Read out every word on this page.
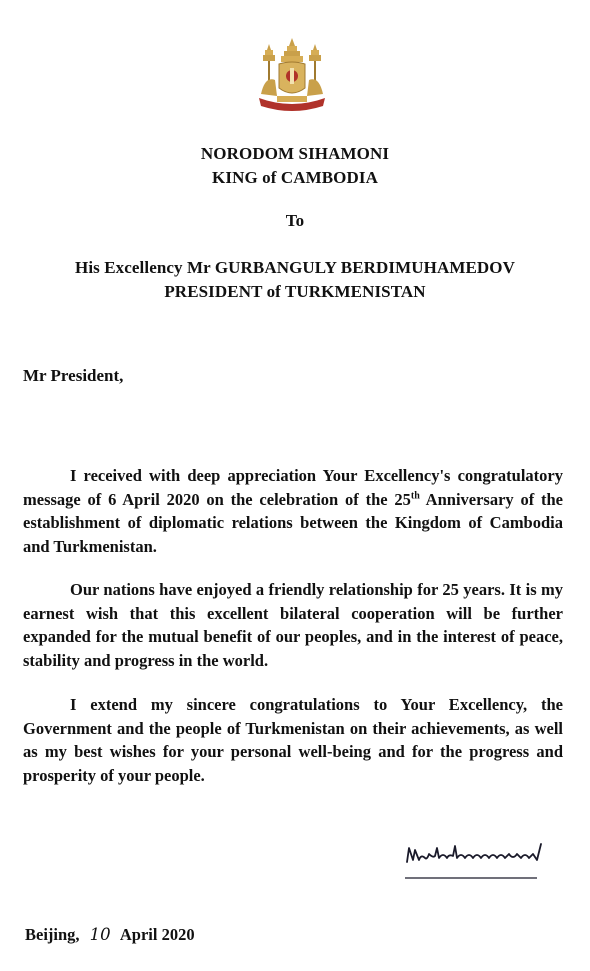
NORODOM SIHAMONI
KING of CAMBODIA
To
His Excellency Mr GURBANGULY BERDIMUHAMEDOV
PRESIDENT of TURKMENISTAN
Mr President,

I received with deep appreciation Your Excellency's congratulatory message of 6 April 2020 on the celebration of the 25th Anniversary of the establishment of diplomatic relations between the Kingdom of Cambodia and Turkmenistan.

Our nations have enjoyed a friendly relationship for 25 years. It is my earnest wish that this excellent bilateral cooperation will be further expanded for the mutual benefit of our peoples, and in the interest of peace, stability and progress in the world.

I extend my sincere congratulations to Your Excellency, the Government and the people of Turkmenistan on their achievements, as well as my best wishes for your personal well-being and for the progress and prosperity of your people.

Beijing, 10 April 2020
